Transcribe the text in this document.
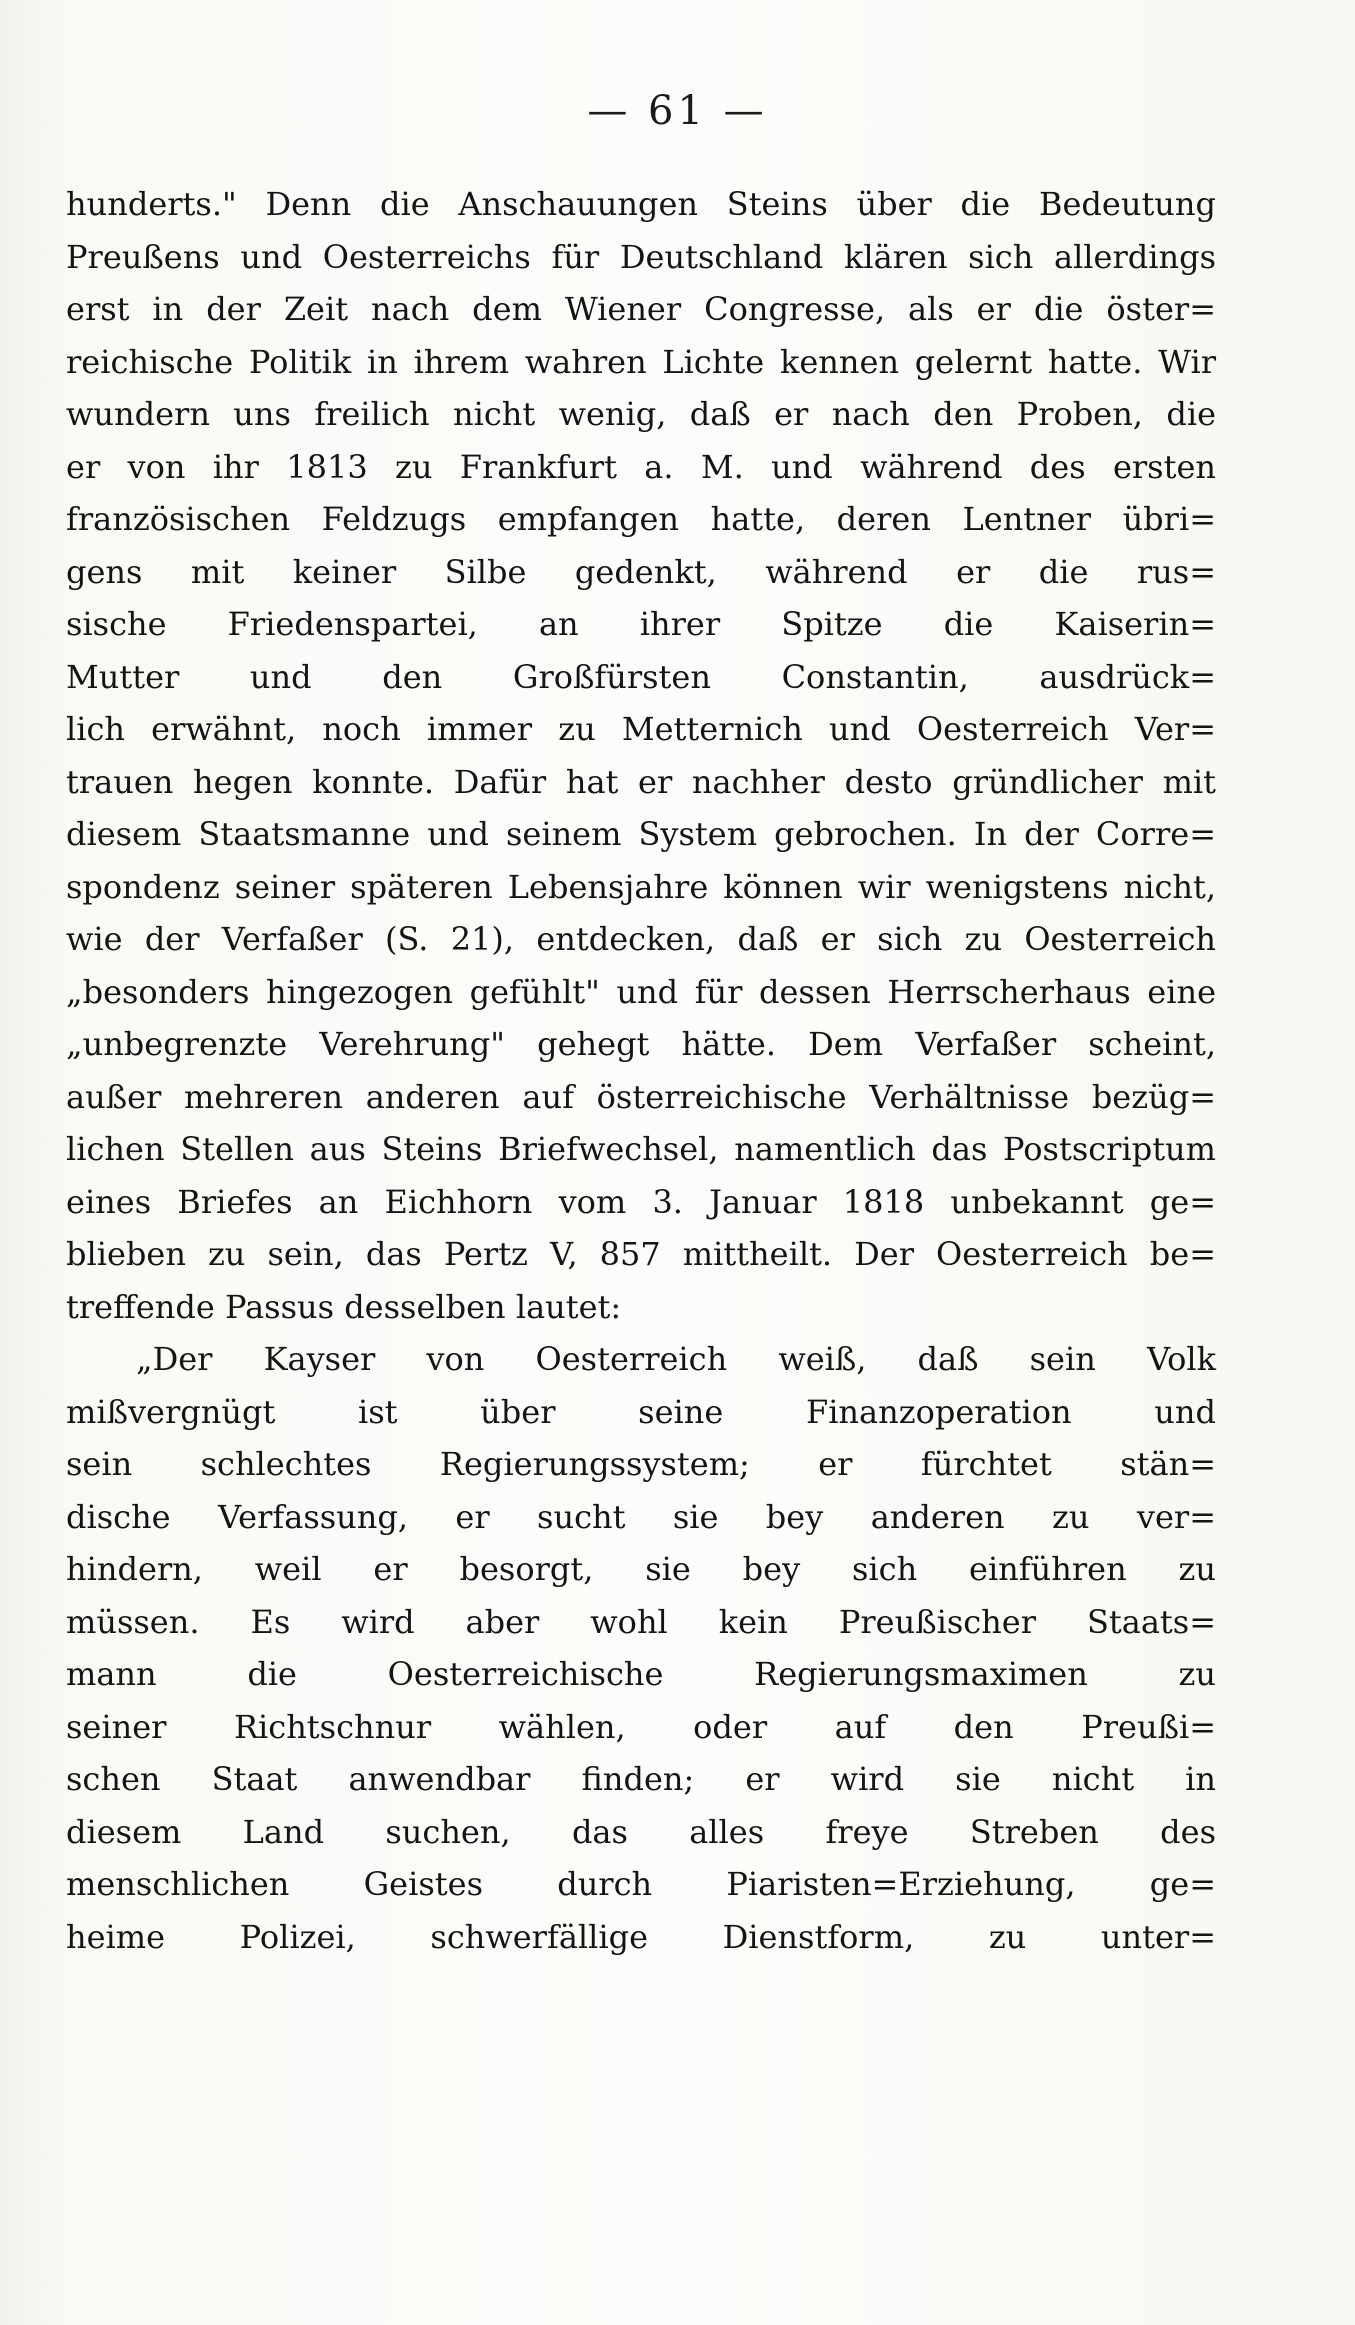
— 61 —
hunderts." Denn die Anschauungen Steins über die Bedeutung
Preußens und Oesterreichs für Deutschland klären sich allerdings
erst in der Zeit nach dem Wiener Congresse, als er die öster=
reichische Politik in ihrem wahren Lichte kennen gelernt hatte. Wir
wundern uns freilich nicht wenig, daß er nach den Proben, die
er von ihr 1813 zu Frankfurt a. M. und während des ersten
französischen Feldzugs empfangen hatte, deren Lentner übri=
gens mit keiner Silbe gedenkt, während er die rus=
sische Friedenspartei, an ihrer Spitze die Kaiserin=
Mutter und den Großfürsten Constantin, ausdrück=
lich erwähnt, noch immer zu Metternich und Oesterreich Ver=
trauen hegen konnte. Dafür hat er nachher desto gründlicher mit
diesem Staatsmanne und seinem System gebrochen. In der Corre=
spondenz seiner späteren Lebensjahre können wir wenigstens nicht,
wie der Verfaßer (S. 21), entdecken, daß er sich zu Oesterreich
„besonders hingezogen gefühlt" und für dessen Herrscherhaus eine
„unbegrenzte Verehrung" gehegt hätte. Dem Verfaßer scheint,
außer mehreren anderen auf österreichische Verhältnisse bezüg=
lichen Stellen aus Steins Briefwechsel, namentlich das Postscriptum
eines Briefes an Eichhorn vom 3. Januar 1818 unbekannt ge=
blieben zu sein, das Pertz V, 857 mittheilt. Der Oesterreich be=
treffende Passus desselben lautet:
„Der Kayser von Oesterreich weiß, daß sein Volk
mißvergnügt ist über seine Finanzoperation und
sein schlechtes Regierungssystem; er fürchtet stän=
dische Verfassung, er sucht sie bey anderen zu ver=
hindern, weil er besorgt, sie bey sich einführen zu
müssen. Es wird aber wohl kein Preußischer Staats=
mann die Oesterreichische Regierungsmaximen zu
seiner Richtschnur wählen, oder auf den Preußi=
schen Staat anwendbar finden; er wird sie nicht in
diesem Land suchen, das alles freye Streben des
menschlichen Geistes durch Piaristen=Erziehung, ge=
heime Polizei, schwerfällige Dienstform, zu unter=
